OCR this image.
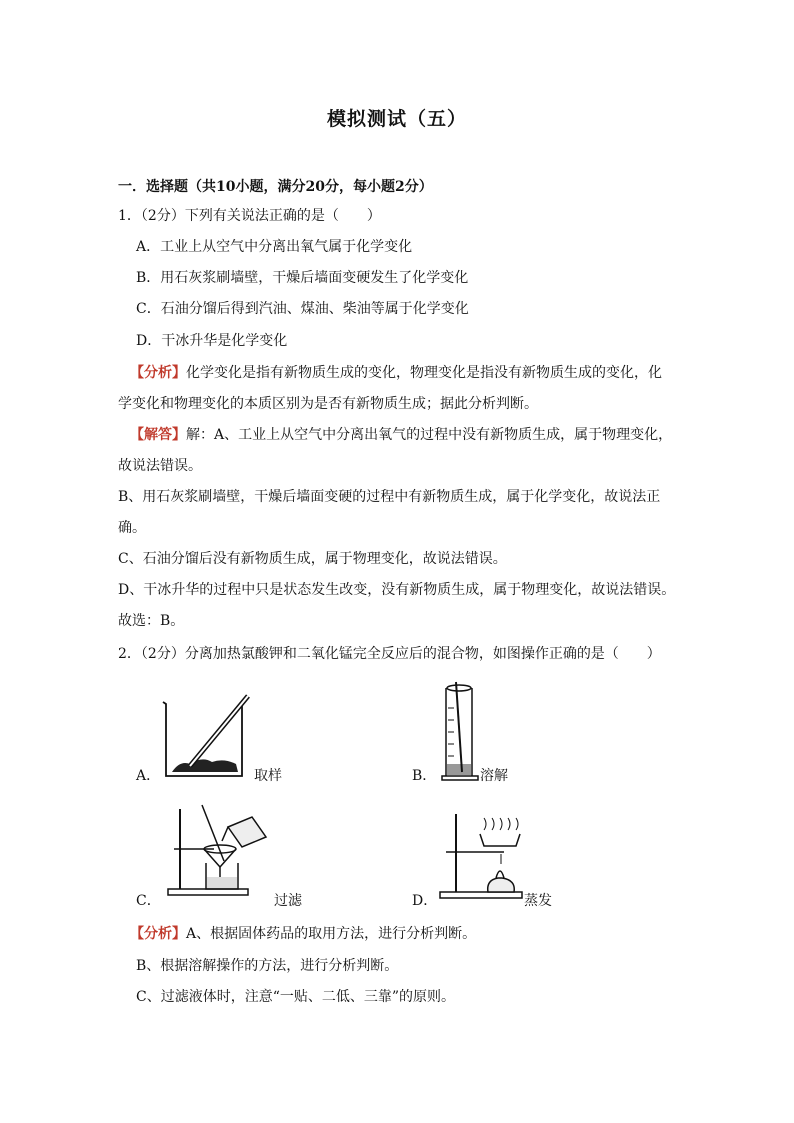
模拟测试（五）
一．选择题（共10小题，满分20分，每小题2分）
1．（2分）下列有关说法正确的是（　　）
A．工业上从空气中分离出氧气属于化学变化
B．用石灰浆刷墙壁，干燥后墙面变硬发生了化学变化
C．石油分馏后得到汽油、煤油、柴油等属于化学变化
D．干冰升华是化学变化
【分析】化学变化是指有新物质生成的变化，物理变化是指没有新物质生成的变化，化
学变化和物理变化的本质区别为是否有新物质生成；据此分析判断。
【解答】解：A、工业上从空气中分离出氧气的过程中没有新物质生成，属于物理变化，
故说法错误。
B、用石灰浆刷墙壁，干燥后墙面变硬的过程中有新物质生成，属于化学变化，故说法正
确。
C、石油分馏后没有新物质生成，属于物理变化，故说法错误。
D、干冰升华的过程中只是状态发生改变，没有新物质生成，属于物理变化，故说法错误。
故选：B。
2．（2分）分离加热氯酸钾和二氧化锰完全反应后的混合物，如图操作正确的是（　　）
A．	取样	B．	溶解
C．	过滤	D．	蒸发
【分析】A、根据固体药品的取用方法，进行分析判断。
B、根据溶解操作的方法，进行分析判断。
C、过滤液体时，注意“一贴、二低、三靠”的原则。
